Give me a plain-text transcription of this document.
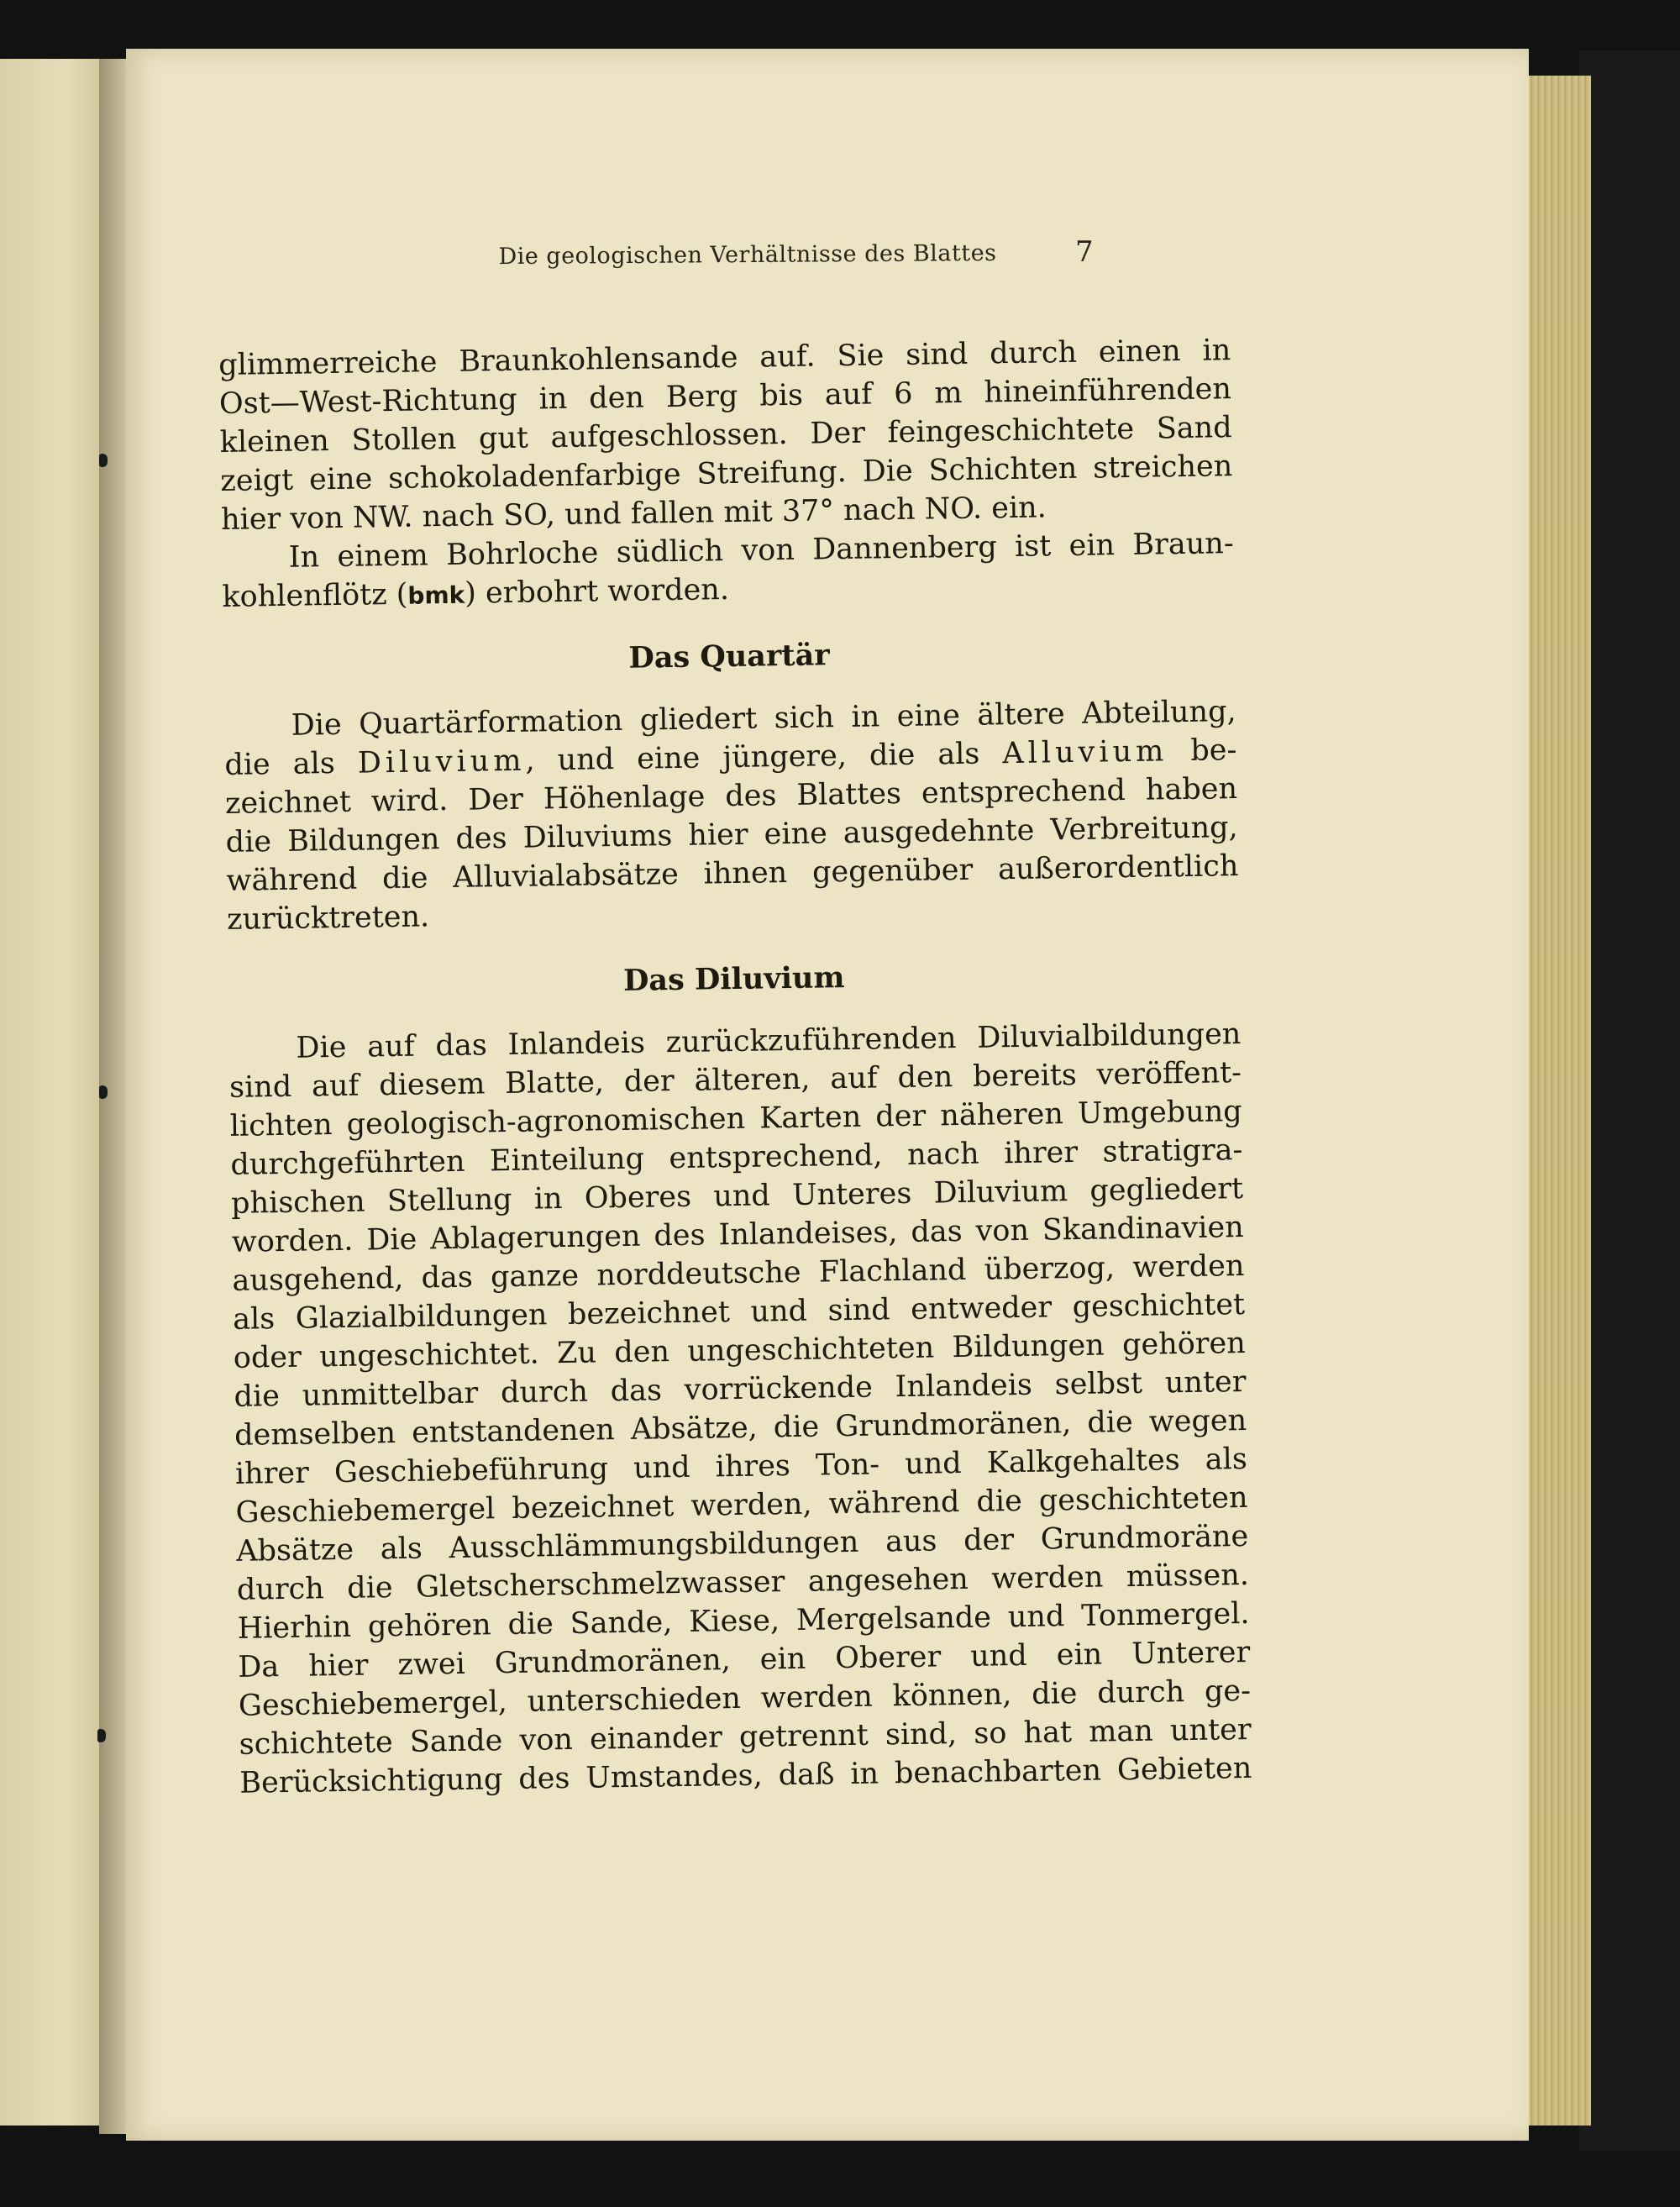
Die geologischen Verhältnisse des Blattes	7
glimmerreiche Braunkohlensande auf. Sie sind durch einen in
Ost—West-Richtung in den Berg bis auf 6 m hineinführenden
kleinen Stollen gut aufgeschlossen. Der feingeschichtete Sand
zeigt eine schokoladenfarbige Streifung. Die Schichten streichen
hier von NW. nach SO, und fallen mit 37° nach NO. ein.
In einem Bohrloche südlich von Dannenberg ist ein Braun-
kohlenflötz (bmk) erbohrt worden.
Das Quartär
Die Quartärformation gliedert sich in eine ältere Abteilung,
die als Diluvium, und eine jüngere, die als Alluvium be-
zeichnet wird. Der Höhenlage des Blattes entsprechend haben
die Bildungen des Diluviums hier eine ausgedehnte Verbreitung,
während die Alluvialabsätze ihnen gegenüber außerordentlich
zurücktreten.
Das Diluvium
Die auf das Inlandeis zurückzuführenden Diluvialbildungen
sind auf diesem Blatte, der älteren, auf den bereits veröffent-
lichten geologisch-agronomischen Karten der näheren Umgebung
durchgeführten Einteilung entsprechend, nach ihrer stratigra-
phischen Stellung in Oberes und Unteres Diluvium gegliedert
worden. Die Ablagerungen des Inlandeises, das von Skandinavien
ausgehend, das ganze norddeutsche Flachland überzog, werden
als Glazialbildungen bezeichnet und sind entweder geschichtet
oder ungeschichtet. Zu den ungeschichteten Bildungen gehören
die unmittelbar durch das vorrückende Inlandeis selbst unter
demselben entstandenen Absätze, die Grundmoränen, die wegen
ihrer Geschiebeführung und ihres Ton- und Kalkgehaltes als
Geschiebemergel bezeichnet werden, während die geschichteten
Absätze als Ausschlämmungsbildungen aus der Grundmoräne
durch die Gletscherschmelzwasser angesehen werden müssen.
Hierhin gehören die Sande, Kiese, Mergelsande und Tonmergel.
Da hier zwei Grundmoränen, ein Oberer und ein Unterer
Geschiebemergel, unterschieden werden können, die durch ge-
schichtete Sande von einander getrennt sind, so hat man unter
Berücksichtigung des Umstandes, daß in benachbarten Gebieten
